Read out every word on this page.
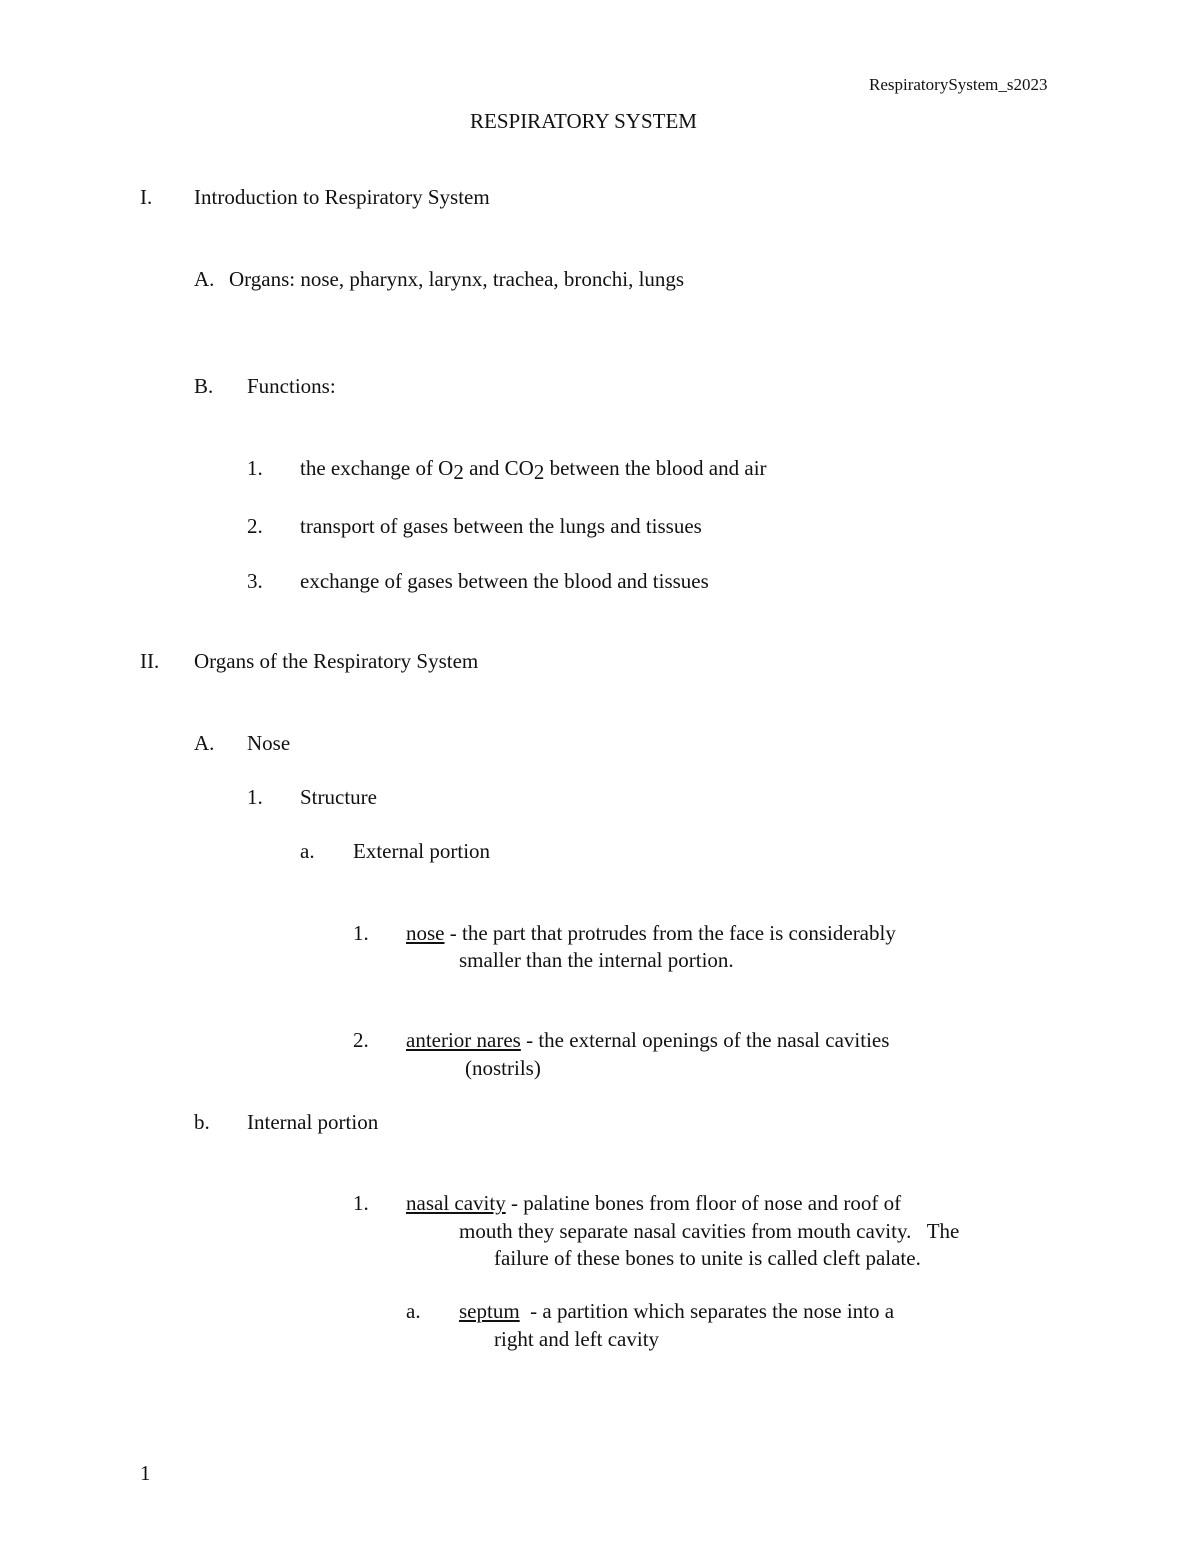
RespiratorySystem_s2023
RESPIRATORY SYSTEM
I. Introduction to Respiratory System
A. Organs: nose, pharynx, larynx, trachea, bronchi, lungs
B. Functions:
1. the exchange of $O_2$ and $CO_2$ between the blood and air
2. transport of gases between the lungs and tissues
3. exchange of gases between the blood and tissues
II. Organs of the Respiratory System
A. Nose
1. Structure
a. External portion
1. nose - the part that protrudes from the face is considerably
smaller than the internal portion.
2. anterior nares - the external openings of the nasal cavities
(nostrils)
b. Internal portion
1. nasal cavity - palatine bones from floor of nose and roof of
mouth they separate nasal cavities from mouth cavity.   The
failure of these bones to unite is called cleft palate.
a. septum  - a partition which separates the nose into a
right and left cavity
1
